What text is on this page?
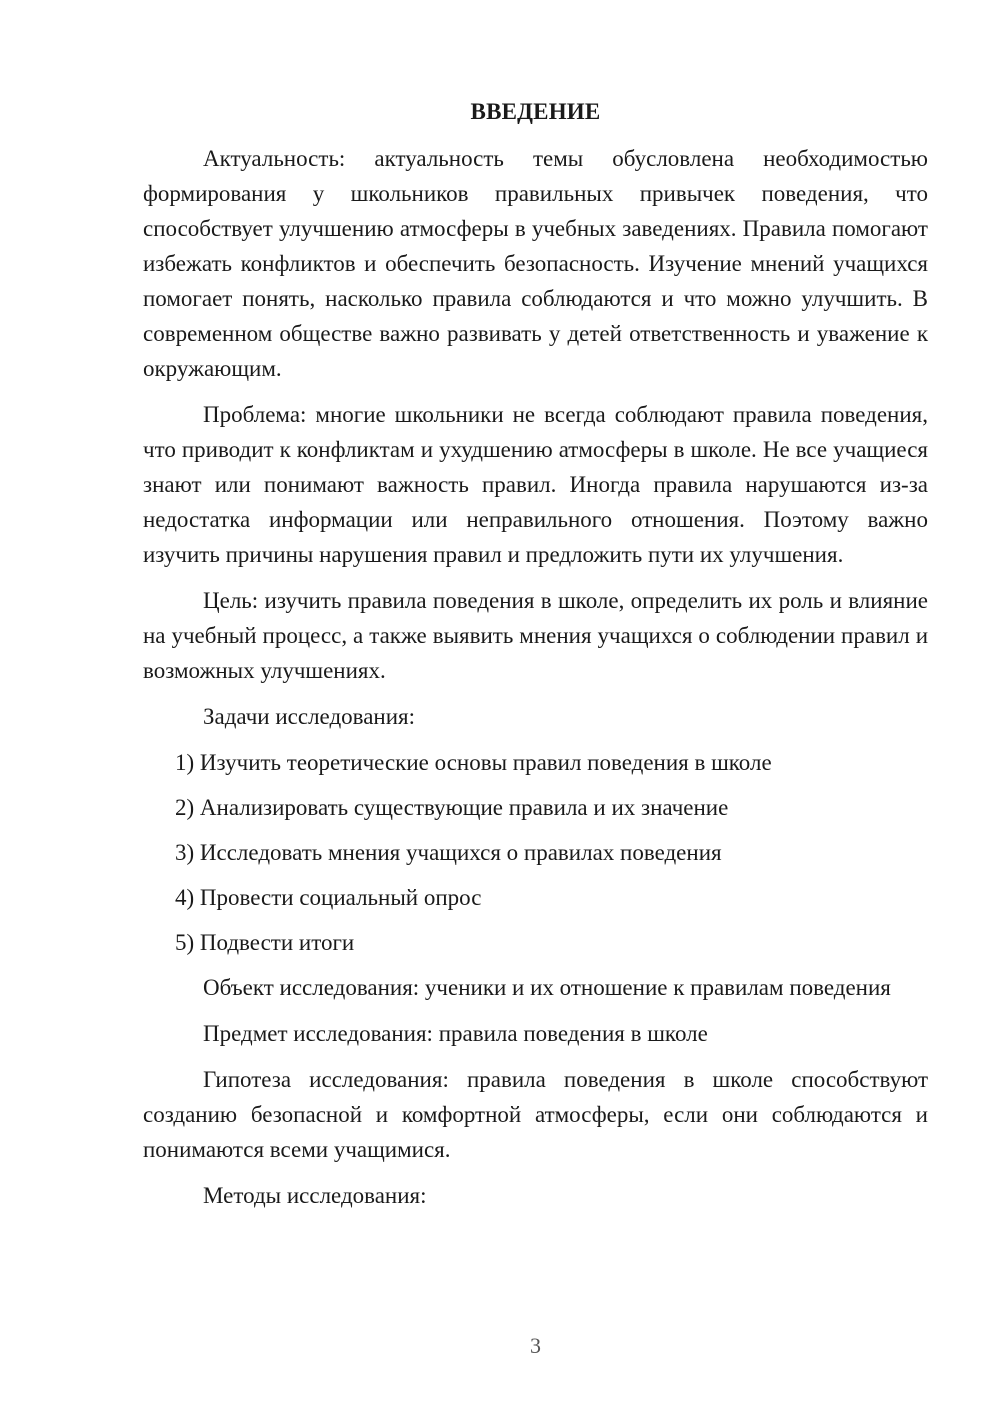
ВВЕДЕНИЕ

Актуальность: актуальность темы обусловлена необходимостью формирования у школьников правильных привычек поведения, что способствует улучшению атмосферы в учебных заведениях. Правила помогают избежать конфликтов и обеспечить безопасность. Изучение мнений учащихся помогает понять, насколько правила соблюдаются и что можно улучшить. В современном обществе важно развивать у детей ответственность и уважение к окружающим.

Проблема: многие школьники не всегда соблюдают правила поведения, что приводит к конфликтам и ухудшению атмосферы в школе. Не все учащиеся знают или понимают важность правил. Иногда правила нарушаются из-за недостатка информации или неправильного отношения. Поэтому важно изучить причины нарушения правил и предложить пути их улучшения.

Цель: изучить правила поведения в школе, определить их роль и влияние на учебный процесс, а также выявить мнения учащихся о соблюдении правил и возможных улучшениях.

Задачи исследования:

1) Изучить теоретические основы правил поведения в школе

2) Анализировать существующие правила и их значение

3) Исследовать мнения учащихся о правилах поведения

4) Провести социальный опрос

5) Подвести итоги

Объект исследования: ученики и их отношение к правилам поведения

Предмет исследования: правила поведения в школе

Гипотеза исследования: правила поведения в школе способствуют созданию безопасной и комфортной атмосферы, если они соблюдаются и понимаются всеми учащимися.

Методы исследования:

3
